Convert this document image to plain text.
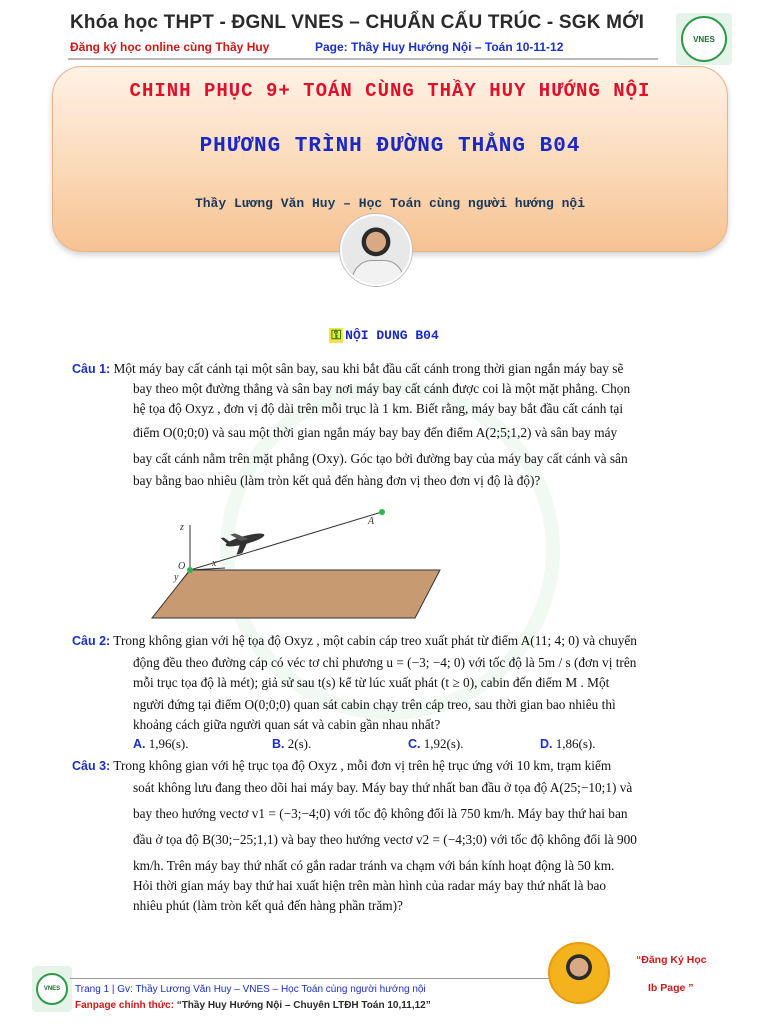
Khóa học THPT - ĐGNL VNES – CHUẨN CẤU TRÚC - SGK MỚI
Đăng ký học online cùng Thầy Huy	Page: Thầy Huy Hướng Nội – Toán 10-11-12
VNES
CHINH PHỤC 9+ TOÁN CÙNG THẦY HUY HƯỚNG NỘI
PHƯƠNG TRÌNH ĐƯỜNG THẲNG B04
Thầy Lương Văn Huy – Học Toán cùng người hướng nội
⚿ NỘI DUNG B04
Câu 1: Một máy bay cất cánh tại một sân bay, sau khi bắt đầu cất cánh trong thời gian ngắn máy bay sẽ
bay theo một đường thẳng và sân bay nơi máy bay cất cánh được coi là một mặt phẳng. Chọn
hệ tọa độ Oxyz , đơn vị độ dài trên mỗi trục là 1 km. Biết rằng, máy bay bắt đầu cất cánh tại
điểm O(0;0;0) và sau một thời gian ngắn máy bay bay đến điểm A(2;5;1,2) và sân bay máy
bay cất cánh nằm trên mặt phẳng (Oxy). Góc tạo bởi đường bay của máy bay cất cánh và sân
bay bằng bao nhiêu (làm tròn kết quả đến hàng đơn vị theo đơn vị độ là độ)?
z
x
y
O
A
Câu 2: Trong không gian với hệ tọa độ Oxyz , một cabin cáp treo xuất phát từ điểm A(11; 4; 0) và chuyển
động đều theo đường cáp có véc tơ chỉ phương u = (−3; −4; 0) với tốc độ là 5m / s (đơn vị trên
mỗi trục tọa độ là mét); giả sử sau t(s) kể từ lúc xuất phát (t ≥ 0), cabin đến điểm M . Một
người đứng tại điểm O(0;0;0) quan sát cabin chạy trên cáp treo, sau thời gian bao nhiêu thì
khoảng cách giữa người quan sát và cabin gần nhau nhất?
A. 1,96(s).	B. 2(s).	C. 1,92(s).	D. 1,86(s).
Câu 3: Trong không gian với hệ trục tọa độ Oxyz , mỗi đơn vị trên hệ trục ứng với 10 km, trạm kiểm
soát không lưu đang theo dõi hai máy bay. Máy bay thứ nhất ban đầu ở tọa độ A(25;−10;1) và
bay theo hướng vectơ v1 = (−3;−4;0) với tốc độ không đổi là 750 km/h. Máy bay thứ hai ban
đầu ở tọa độ B(30;−25;1,1) và bay theo hướng vectơ v2 = (−4;3;0) với tốc độ không đổi là 900
km/h. Trên máy bay thứ nhất có gắn radar tránh va chạm với bán kính hoạt động là 50 km.
Hỏi thời gian máy bay thứ hai xuất hiện trên màn hình của radar máy bay thứ nhất là bao
nhiêu phút (làm tròn kết quả đến hàng phần trăm)?
VNES Trang 1 | Gv: Thầy Lương Văn Huy – VNES – Học Toán cùng người hướng nội
Fanpage chính thức: “Thầy Huy Hướng Nội – Chuyên LTĐH Toán 10,11,12”
“Đăng Ký Học
Ib Page ”
